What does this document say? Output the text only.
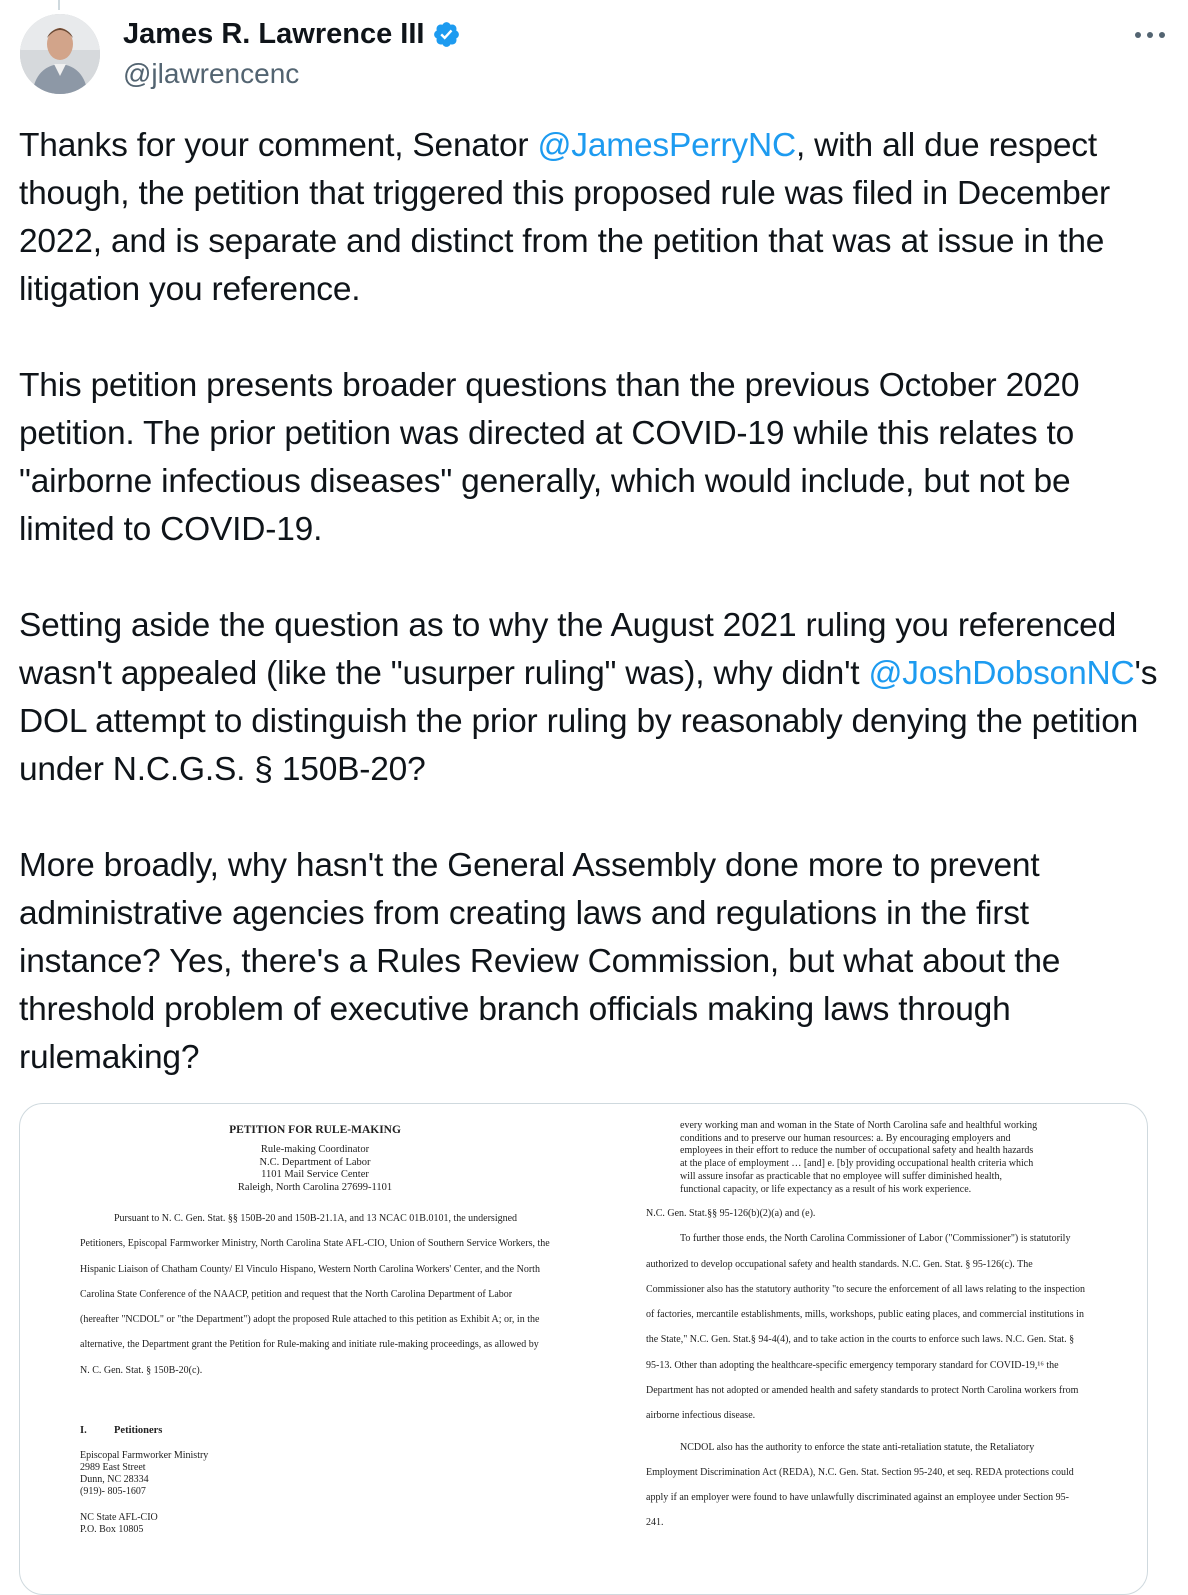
James R. Lawrence III
@jlawrencenc

Thanks for your comment, Senator @JamesPerryNC, with all due respect though, the petition that triggered this proposed rule was filed in December 2022, and is separate and distinct from the petition that was at issue in the litigation you reference.

This petition presents broader questions than the previous October 2020 petition. The prior petition was directed at COVID-19 while this relates to "airborne infectious diseases" generally, which would include, but not be limited to COVID-19.

Setting aside the question as to why the August 2021 ruling you referenced wasn't appealed (like the "usurper ruling" was), why didn't @JoshDobsonNC's DOL attempt to distinguish the prior ruling by reasonably denying the petition under N.C.G.S. § 150B-20?

More broadly, why hasn't the General Assembly done more to prevent administrative agencies from creating laws and regulations in the first instance? Yes, there's a Rules Review Commission, but what about the threshold problem of executive branch officials making laws through rulemaking?

PETITION FOR RULE-MAKING
Rule-making Coordinator
N.C. Department of Labor
1101 Mail Service Center
Raleigh, North Carolina 27699-1101

Pursuant to N. C. Gen. Stat. §§ 150B-20 and 150B-21.1A, and 13 NCAC 01B.0101, the undersigned Petitioners, Episcopal Farmworker Ministry, North Carolina State AFL-CIO, Union of Southern Service Workers, the Hispanic Liaison of Chatham County/ El Vinculo Hispano, Western North Carolina Workers' Center, and the North Carolina State Conference of the NAACP, petition and request that the North Carolina Department of Labor (hereafter "NCDOL" or "the Department") adopt the proposed Rule attached to this petition as Exhibit A; or, in the alternative, the Department grant the Petition for Rule-making and initiate rule-making proceedings, as allowed by N. C. Gen. Stat. § 150B-20(c).

I.	Petitioners
Episcopal Farmworker Ministry
2989 East Street
Dunn, NC 28334
(919)- 805-1607
NC State AFL-CIO
P.O. Box 10805

every working man and woman in the State of North Carolina safe and healthful working conditions and to preserve our human resources: a. By encouraging employers and employees in their effort to reduce the number of occupational safety and health hazards at the place of employment … [and] e. [b]y providing occupational health criteria which will assure insofar as practicable that no employee will suffer diminished health, functional capacity, or life expectancy as a result of his work experience.

N.C. Gen. Stat.§§ 95-126(b)(2)(a) and (e).

To further those ends, the North Carolina Commissioner of Labor ("Commissioner") is statutorily authorized to develop occupational safety and health standards. N.C. Gen. Stat. § 95-126(c). The Commissioner also has the statutory authority "to secure the enforcement of all laws relating to the inspection of factories, mercantile establishments, mills, workshops, public eating places, and commercial institutions in the State," N.C. Gen. Stat.§ 94-4(4), and to take action in the courts to enforce such laws. N.C. Gen. Stat. § 95-13. Other than adopting the healthcare-specific emergency temporary standard for COVID-19,¹⁶ the Department has not adopted or amended health and safety standards to protect North Carolina workers from airborne infectious disease.

NCDOL also has the authority to enforce the state anti-retaliation statute, the Retaliatory Employment Discrimination Act (REDA), N.C. Gen. Stat. Section 95-240, et seq. REDA protections could apply if an employer were found to have unlawfully discriminated against an employee under Section 95-241.
